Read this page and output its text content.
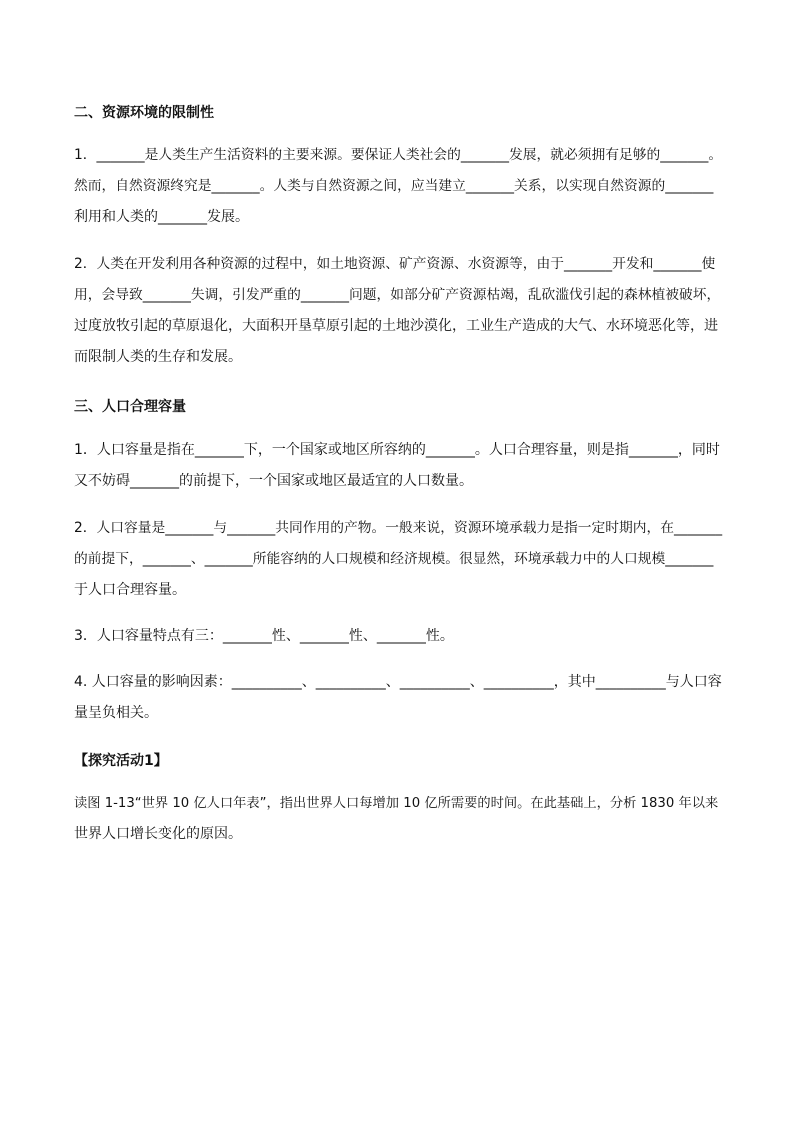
二、资源环境的限制性
1．_______是人类生产生活资料的主要来源。要保证人类社会的_______发展，就必须拥有足够的_______。
然而，自然资源终究是_______。人类与自然资源之间，应当建立_______关系，以实现自然资源的_______
利用和人类的_______发展。
2．人类在开发利用各种资源的过程中，如土地资源、矿产资源、水资源等，由于_______开发和_______使
用，会导致_______失调，引发严重的_______问题，如部分矿产资源枯竭，乱砍滥伐引起的森林植被破坏，
过度放牧引起的草原退化，大面积开垦草原引起的土地沙漠化，工业生产造成的大气、水环境恶化等，进
而限制人类的生存和发展。
三、人口合理容量
1．人口容量是指在_______下，一个国家或地区所容纳的_______。人口合理容量，则是指_______，同时
又不妨碍_______的前提下，一个国家或地区最适宜的人口数量。
2．人口容量是_______与_______共同作用的产物。一般来说，资源环境承载力是指一定时期内，在_______
的前提下，_______、_______所能容纳的人口规模和经济规模。很显然，环境承载力中的人口规模_______
于人口合理容量。
3．人口容量特点有三：_______性、_______性、_______性。
4. 人口容量的影响因素：__________、__________、__________、__________，其中__________与人口容
量呈负相关。
【探究活动1】
读图 1-13“世界 10 亿人口年表”，指出世界人口每增加 10 亿所需要的时间。在此基础上，分析 1830 年以来
世界人口增长变化的原因。
